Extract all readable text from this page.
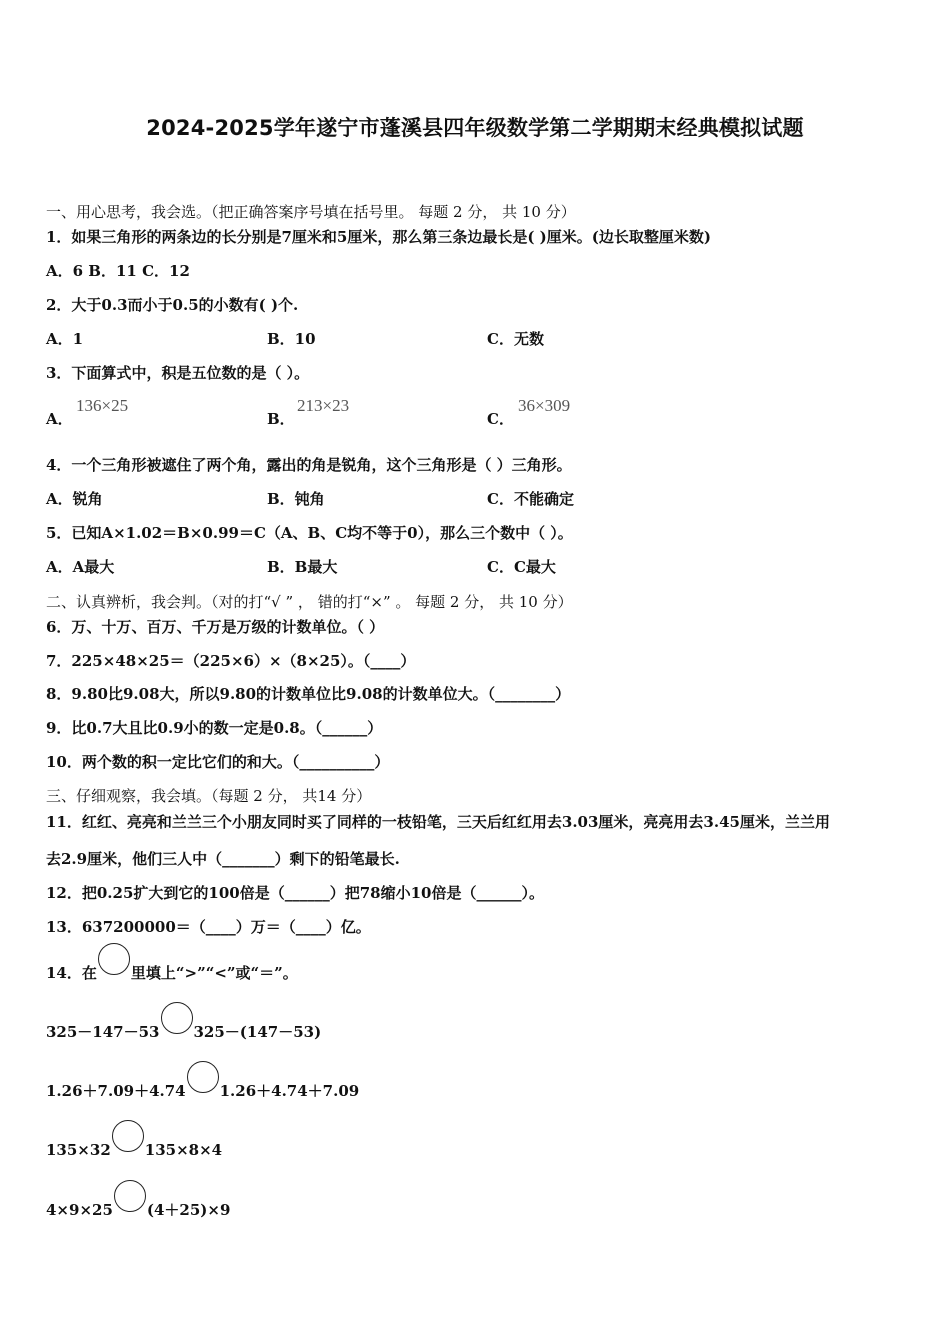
2024-2025学年遂宁市蓬溪县四年级数学第二学期期末经典模拟试题
一、用心思考，我会选。（把正确答案序号填在括号里。 每题 2 分， 共 10 分）
1．如果三角形的两条边的长分别是7厘米和5厘米，那么第三条边最长是( )厘米。(边长取整厘米数)
A．6 B．11 C．12
2．大于0.3而小于0.5的小数有( )个.
A．1	B．10	C．无数
3．下面算式中，积是五位数的是（ ）。
A．
136×25
B．
213×23
C．
36×309
4．一个三角形被遮住了两个角，露出的角是锐角，这个三角形是（ ）三角形。
A．锐角	B．钝角	C．不能确定
5．已知A×1.02＝B×0.99＝C（A、B、C均不等于0），那么三个数中（ ）。
A．A最大	B．B最大	C．C最大
二、认真辨析，我会判。（对的打“√ ” ， 错的打“×” 。 每题 2 分， 共 10 分）
6．万、十万、百万、千万是万级的计数单位。（ ）
7．225×48×25＝（225×6）×（8×25）。（____）
8．9.80比9.08大，所以9.80的计数单位比9.08的计数单位大。（________）
9．比0.7大且比0.9小的数一定是0.8。（______）
10．两个数的积一定比它们的和大。（__________）
三、仔细观察，我会填。（每题 2 分， 共14 分）
11．红红、亮亮和兰兰三个小朋友同时买了同样的一枝铅笔，三天后红红用去3.03厘米，亮亮用去3.45厘米，兰兰用
去2.9厘米，他们三人中（_______）剩下的铅笔最长.
12．把0.25扩大到它的100倍是（______）把78缩小10倍是（______）。
13．637200000＝（____）万＝（____）亿。
14．在 里填上“>”“<”或“＝”。
325－147－53 325－(147－53)
1.26＋7.09＋4.74 1.26＋4.74＋7.09
135×32 135×8×4
4×9×25 (4＋25)×9
